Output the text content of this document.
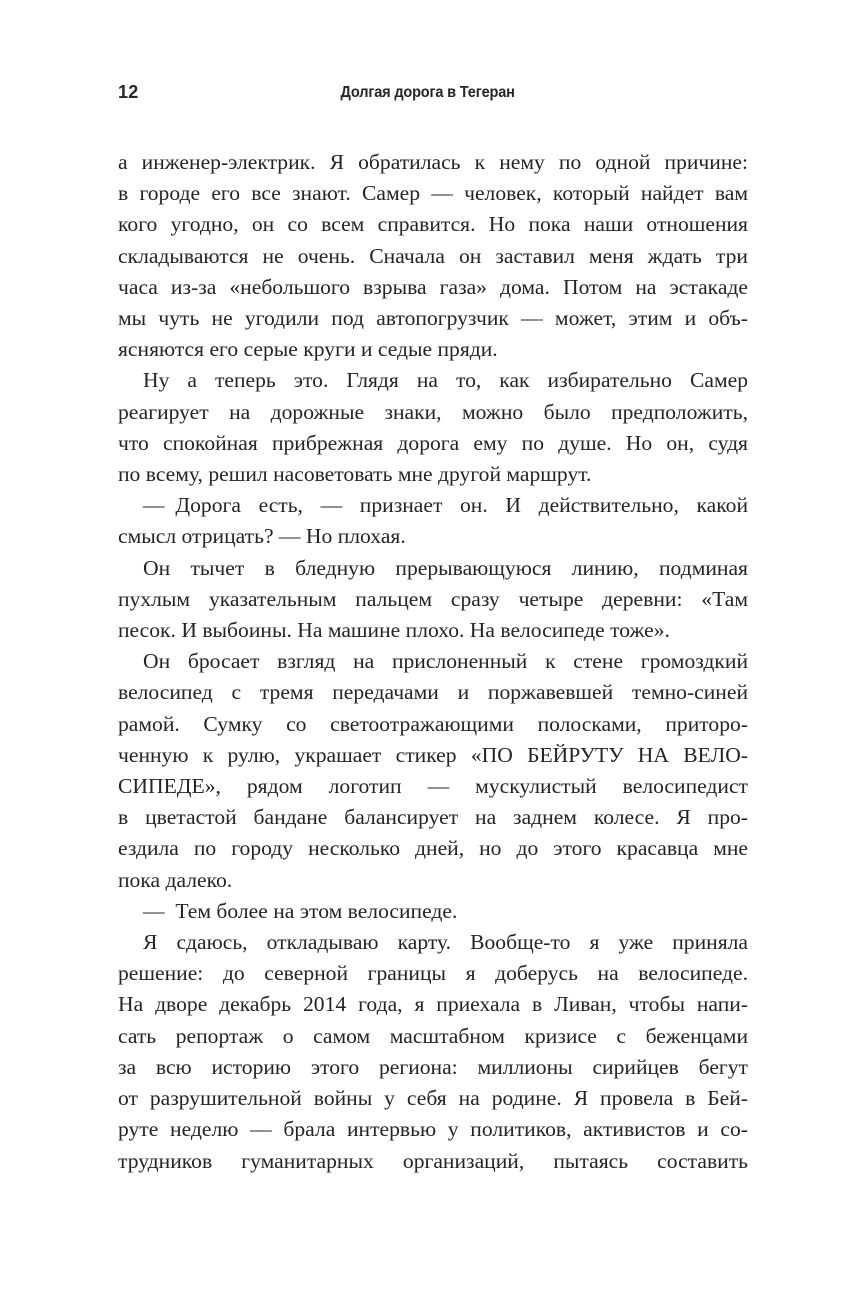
12	Долгая дорога в Тегеран
а инженер-электрик. Я обратилась к нему по одной причине:
в городе его все знают. Самер — человек, который найдет вам
кого угодно, он со всем справится. Но пока наши отношения
складываются не очень. Сначала он заставил меня ждать три
часа из-за «небольшого взрыва газа» дома. Потом на эстакаде
мы чуть не угодили под автопогрузчик — может, этим и объ-
ясняются его серые круги и седые пряди.
Ну а теперь это. Глядя на то, как избирательно Самер
реагирует на дорожные знаки, можно было предположить,
что спокойная прибрежная дорога ему по душе. Но он, судя
по всему, решил насоветовать мне другой маршрут.
— Дорога есть, — признает он. И действительно, какой
смысл отрицать? — Но плохая.
Он тычет в бледную прерывающуюся линию, подминая
пухлым указательным пальцем сразу четыре деревни: «Там
песок. И выбоины. На машине плохо. На велосипеде тоже».
Он бросает взгляд на прислоненный к стене громоздкий
велосипед с тремя передачами и поржавевшей темно-синей
рамой. Сумку со светоотражающими полосками, приторо-
ченную к рулю, украшает стикер «ПО БЕЙРУТУ НА ВЕЛО-
СИПЕДЕ», рядом логотип — мускулистый велосипедист
в цветастой бандане балансирует на заднем колесе. Я про-
ездила по городу несколько дней, но до этого красавца мне
пока далеко.
— Тем более на этом велосипеде.
Я сдаюсь, откладываю карту. Вообще-то я уже приняла
решение: до северной границы я доберусь на велосипеде.
На дворе декабрь 2014 года, я приехала в Ливан, чтобы напи-
сать репортаж о самом масштабном кризисе с беженцами
за всю историю этого региона: миллионы сирийцев бегут
от разрушительной войны у себя на родине. Я провела в Бей-
руте неделю — брала интервью у политиков, активистов и со-
трудников гуманитарных организаций, пытаясь составить
